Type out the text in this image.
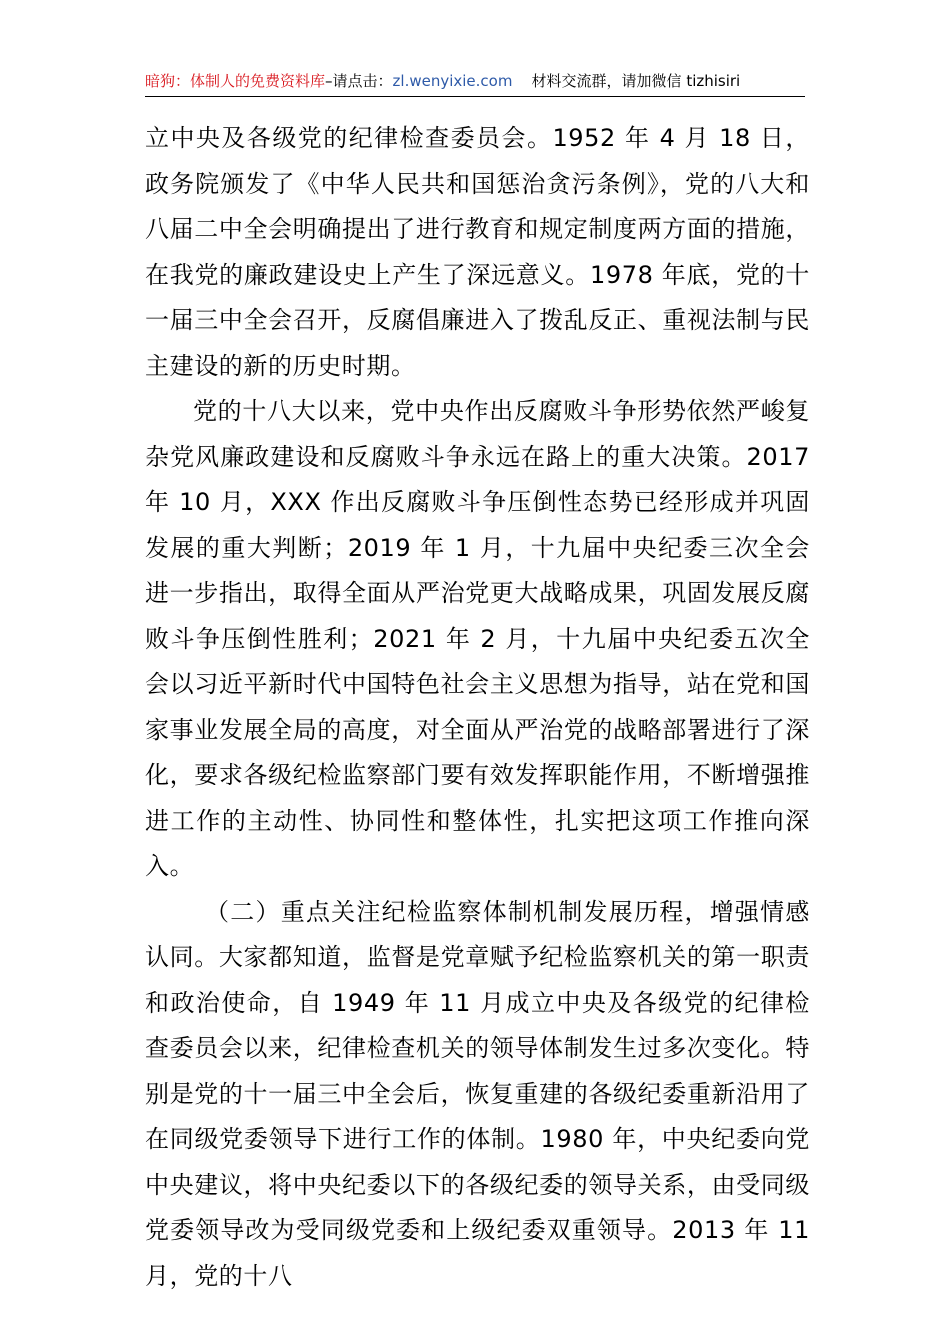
暗狗：体制人的免费资料库–请点击：zl.wenyixie.com 材料交流群，请加微信 tizhisiri

立中央及各级党的纪律检查委员会。1952 年 4 月 18 日，政务院颁发了《中华人民共和国惩治贪污条例》，党的八大和八届二中全会明确提出了进行教育和规定制度两方面的措施，在我党的廉政建设史上产生了深远意义。1978 年底，党的十一届三中全会召开，反腐倡廉进入了拨乱反正、重视法制与民主建设的新的历史时期。

党的十八大以来，党中央作出反腐败斗争形势依然严峻复杂党风廉政建设和反腐败斗争永远在路上的重大决策。2017 年 10 月，XXX 作出反腐败斗争压倒性态势已经形成并巩固发展的重大判断；2019 年 1 月，十九届中央纪委三次全会进一步指出，取得全面从严治党更大战略成果，巩固发展反腐败斗争压倒性胜利；2021 年 2 月，十九届中央纪委五次全会以习近平新时代中国特色社会主义思想为指导，站在党和国家事业发展全局的高度，对全面从严治党的战略部署进行了深化，要求各级纪检监察部门要有效发挥职能作用，不断增强推进工作的主动性、协同性和整体性，扎实把这项工作推向深入。

（二）重点关注纪检监察体制机制发展历程，增强情感认同。大家都知道，监督是党章赋予纪检监察机关的第一职责和政治使命，自 1949 年 11 月成立中央及各级党的纪律检查委员会以来，纪律检查机关的领导体制发生过多次变化。特别是党的十一届三中全会后，恢复重建的各级纪委重新沿用了在同级党委领导下进行工作的体制。1980 年，中央纪委向党中央建议，将中央纪委以下的各级纪委的领导关系，由受同级党委领导改为受同级党委和上级纪委双重领导。2013 年 11 月，党的十八
